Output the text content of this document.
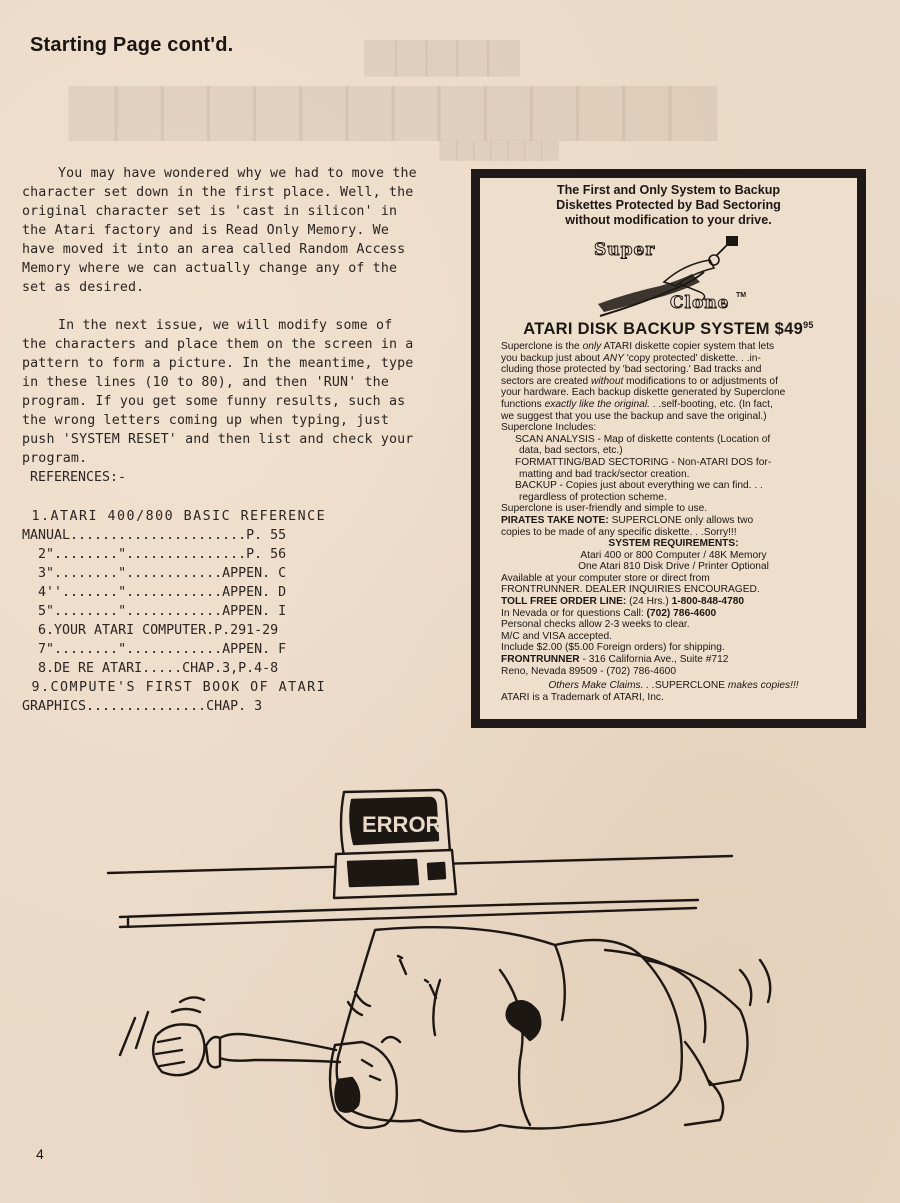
▆▆▆▆▆
▆▆▆▆▆▆▆▆▆▆▆▆▆▆
▆▆▆▆▆▆▆
Starting Page cont'd.

You may have wondered why we had to move the character set down in the first place. Well, the original character set is 'cast in silicon' in the Atari factory and is Read Only Memory. We have moved it into an area called Random Access Memory where we can actually change any of the set as desired.

In the next issue, we will modify some of the characters and place them on the screen in a pattern to form a picture. In the meantime, type in these lines (10 to 80), and then 'RUN' the program. If you get some funny results, such as the wrong letters coming up when typing, just push 'SYSTEM RESET' and then list and check your program.

REFERENCES:-

1.ATARI 400/800 BASIC REFERENCE
MANUAL......................P. 55
2"........"...............P. 56
3"........"............APPEN. C
4''......."............APPEN. D
5"........"............APPEN. I
6.YOUR ATARI COMPUTER.P.291-29
7"........"............APPEN. F
8.DE RE ATARI.....CHAP.3,P.4-8
9.COMPUTE'S FIRST BOOK OF ATARI
GRAPHICS...............CHAP. 3
The First and Only System to Backup
Diskettes Protected by Bad Sectoring
without modification to your drive.
Super
Clone TM
ATARI DISK BACKUP SYSTEM $\$49^{95}$
Superclone is the only ATARI diskette copier system that lets
you backup just about ANY 'copy protected' diskette. . .in-
cluding those protected by 'bad sectoring.' Bad tracks and
sectors are created without modifications to or adjustments of
your hardware. Each backup diskette generated by Superclone
functions exactly like the original. . .self-booting, etc. (In fact,
we suggest that you use the backup and save the original.)
Superclone Includes:
SCAN ANALYSIS - Map of diskette contents (Location of
data, bad sectors, etc.)
FORMATTING/BAD SECTORING - Non-ATARI DOS for-
matting and bad track/sector creation.
BACKUP - Copies just about everything we can find. . .
regardless of protection scheme.
Superclone is user-friendly and simple to use.
PIRATES TAKE NOTE: SUPERCLONE only allows two
copies to be made of any specific diskette. . .Sorry!!!
SYSTEM REQUIREMENTS:
Atari 400 or 800 Computer / 48K Memory
One Atari 810 Disk Drive / Printer Optional
Available at your computer store or direct from
FRONTRUNNER. DEALER INQUIRIES ENCOURAGED.
TOLL FREE ORDER LINE: (24 Hrs.) 1-800-848-4780
In Nevada or for questions Call: (702) 786-4600
Personal checks allow 2-3 weeks to clear.
M/C and VISA accepted.
Include $2.00 ($5.00 Foreign orders) for shipping.
FRONTRUNNER - 316 California Ave., Suite #712
Reno, Nevada 89509 - (702) 786-4600
Others Make Claims. . .SUPERCLONE makes copies!!!
ATARI is a Trademark of ATARI, Inc.
ERROR
4
